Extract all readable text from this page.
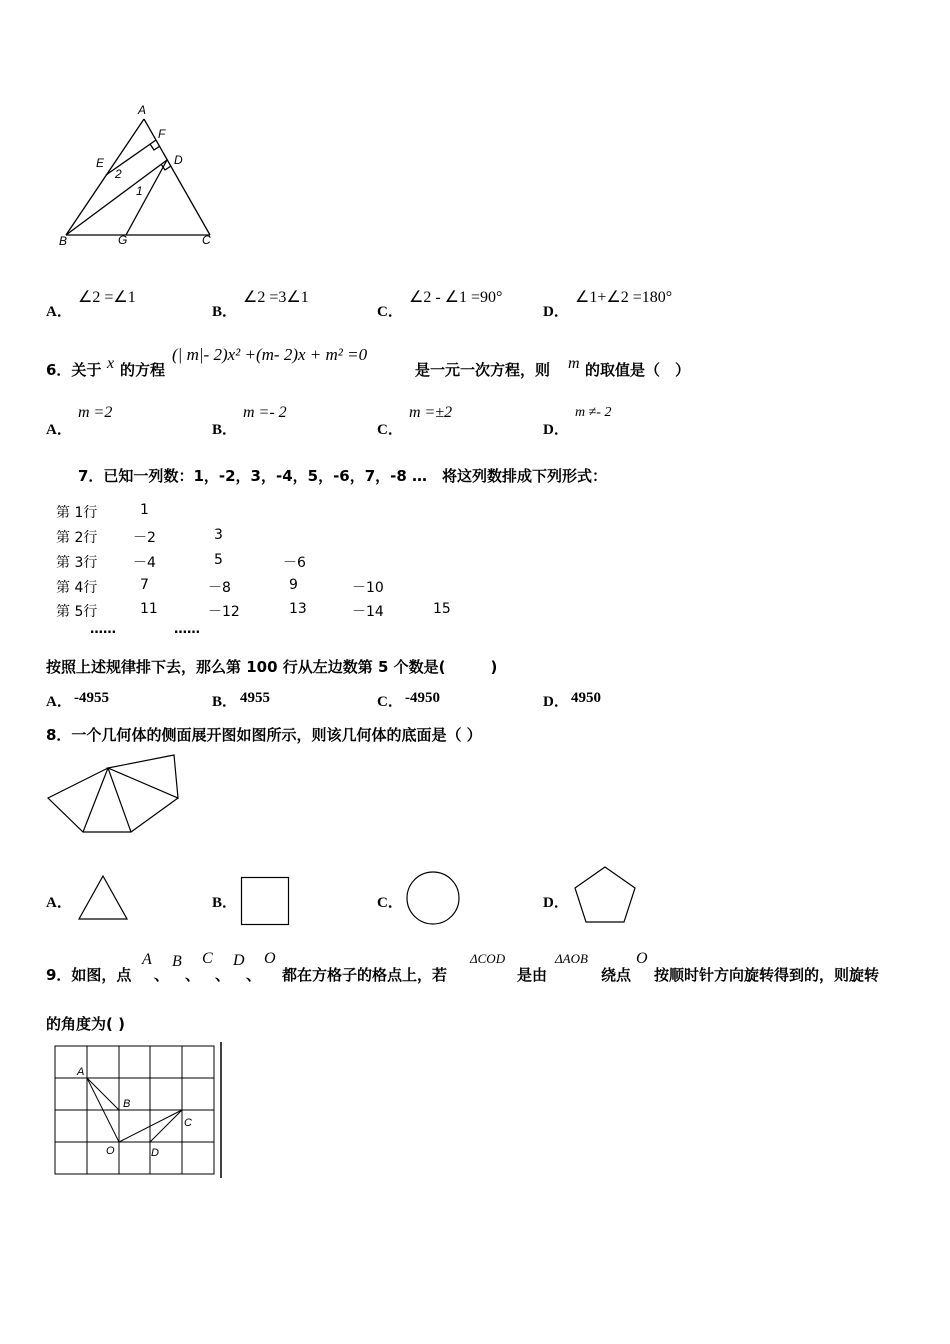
A
F
E	D
2
1
B	G	C
A．
∠2 =∠1
B．
∠2 =3∠1
C．
∠2 - ∠1 =90°
D．
∠1+∠2 =180°
6．关于 x 的方程
(| m|- 2)x² +(m- 2)x + m² =0
是一元一次方程，则 m 的取值是（　）
A．
m =2
B．
m =- 2
C．
m =±2
D．
m ≠- 2
7．已知一列数：1，-2，3，-4，5，-6，7，-8 …　将这列数排成下列形式：
第 1行	1
第 2行	－2	3
第 3行	－4	5	－6
第 4行	7	－8	9	－10
第 5行	11	－12	13	－14	15
……	……
按照上述规律排下去，那么第 100 行从左边数第 5 个数是(　　　)
A． -4955	B． 4955	C． -4950	D． 4950
8．一个几何体的侧面展开图如图所示，则该几何体的底面是（ ）
A．	B．	C．	D．
9．如图，点
A
、
B
、
C
、
D
、
O
都在方格子的格点上，若
ΔCOD
是由
ΔAOB
绕点
O
按顺时针方向旋转得到的，则旋转
的角度为( )
A
B
C
O	D
